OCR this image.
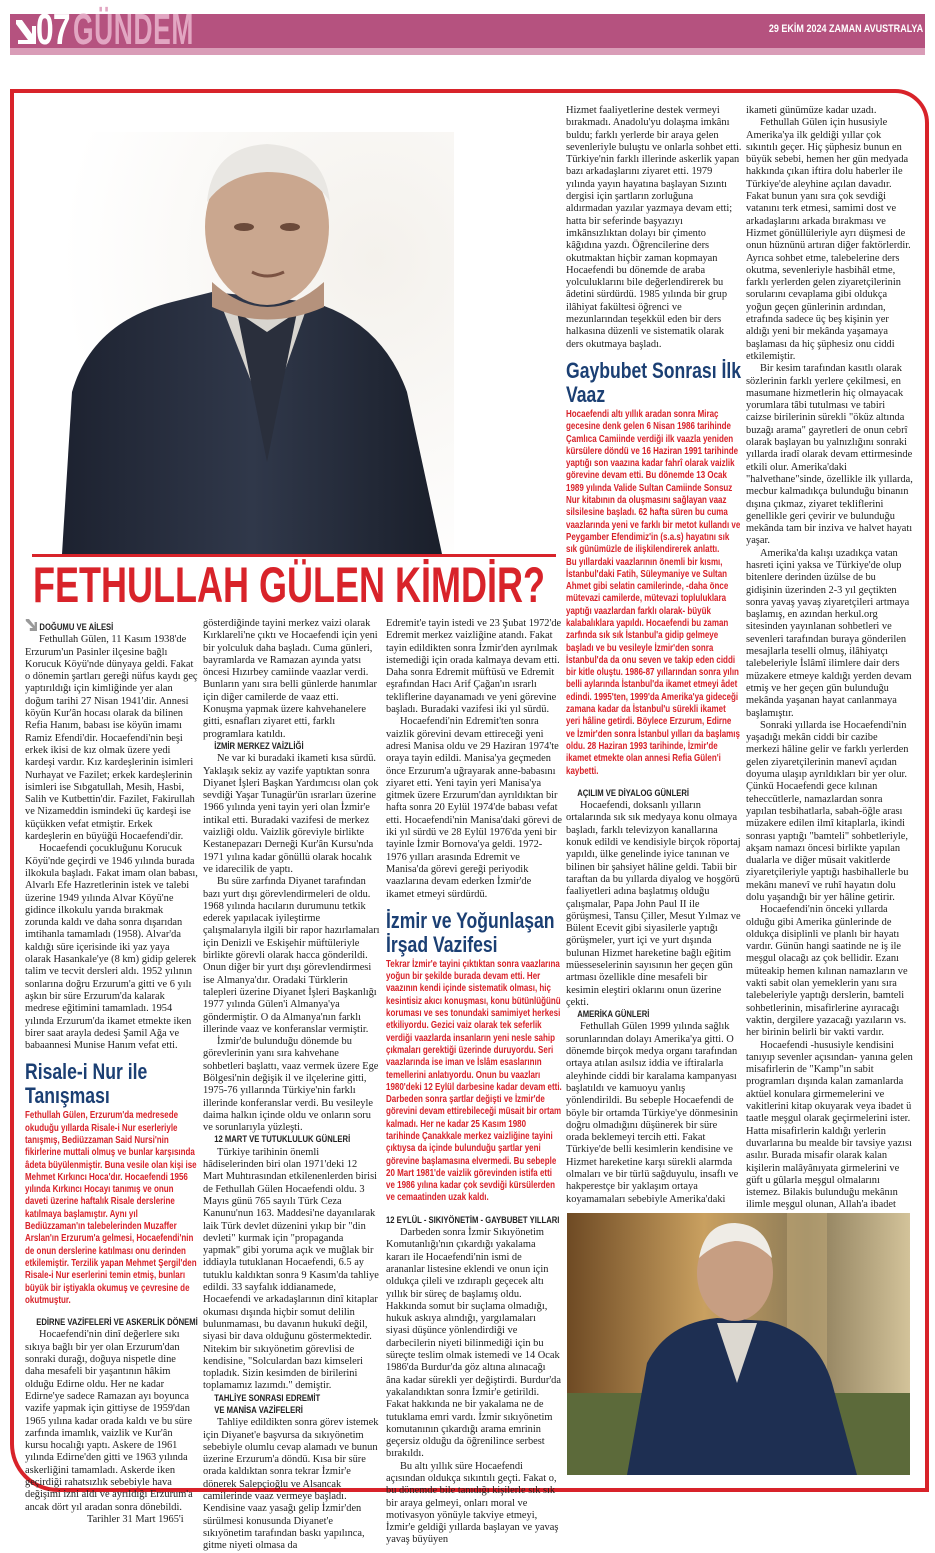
07 GÜNDEM	29 EKİM 2024 ZAMAN AVUSTRALYA
FETHULLAH GÜLEN KİMDİR?
DOĞUMU VE AİLESİ

Fethullah Gülen, 11 Kasım 1938'de Erzurum'un Pasinler ilçesine bağlı Korucuk Köyü'nde dünyaya geldi. Fakat o dönemin şartları gereği nüfus kaydı geç yaptırıldığı için kimliğinde yer alan doğum tarihi 27 Nisan 1941'dir. Annesi köyün Kur'ân hocası olarak da bilinen Refia Hanım, babası ise köyün imamı Ramiz Efendi'dir. Hocaefendi'nin beşi erkek ikisi de kız olmak üzere yedi kardeşi vardır. Kız kardeşlerinin isimleri Nurhayat ve Fazilet; erkek kardeşlerinin isimleri ise Sıbgatullah, Mesih, Hasbi, Salih ve Kutbettin'dir. Fazilet, Fakirullah ve Nizameddin ismindeki üç kardeşi ise küçükken vefat etmiştir. Erkek kardeşlerin en büyüğü Hocaefendi'dir.

Hocaefendi çocukluğunu Korucuk Köyü'nde geçirdi ve 1946 yılında burada ilkokula başladı. Fakat imam olan babası, Alvarlı Efe Hazretlerinin istek ve talebi üzerine 1949 yılında Alvar Köyü'ne gidince ilkokulu yarıda bırakmak zorunda kaldı ve daha sonra dışarıdan imtihanla tamamladı (1958). Alvar'da kaldığı süre içerisinde iki yaz yaya olarak Hasankale'ye (8 km) gidip gelerek talim ve tecvit dersleri aldı. 1952 yılının sonlarına doğru Erzurum'a gitti ve 6 yılı aşkın bir süre Erzurum'da kalarak medrese eğitimini tamamladı. 1954 yılında Erzurum'da ikamet etmekte iken birer saat arayla dedesi Şamil Ağa ve babaannesi Munise Hanım vefat etti.

Risale-i Nur ile Tanışması
Fethullah Gülen, Erzurum'da medresede okuduğu yıllarda Risale-i Nur eserleriyle tanışmış, Bediüzzaman Said Nursi'nin fikirlerine muttali olmuş ve bunlar karşısında âdeta büyülenmiştir. Buna vesile olan kişi ise Mehmet Kırkıncı Hoca'dır. Hocaefendi 1956 yılında Kırkıncı Hocayı tanımış ve onun daveti üzerine haftalık Risale derslerine katılmaya başlamıştır. Aynı yıl Bediüzzaman'ın talebelerinden Muzaffer Arslan'ın Erzurum'a gelmesi, Hocaefendi'nin de onun derslerine katılması onu derinden etkilemiştir. Terzilik yapan Mehmet Şergil'den Risale-i Nur eserlerini temin etmiş, bunları büyük bir iştiyakla okumuş ve çevresine de okutmuştur.
EDİRNE VAZİFELERİ VE ASKERLİK DÖNEMİ

Hocaefendi'nin dinî değerlere sıkı sıkıya bağlı bir yer olan Erzurum'dan sonraki durağı, doğuya nispetle dine daha mesafeli bir yaşantının hâkim olduğu Edirne oldu. Her ne kadar Edirne'ye sadece Ramazan ayı boyunca vazife yapmak için gittiyse de 1959'dan 1965 yılına kadar orada kaldı ve bu süre zarfında imamlık, vaizlik ve Kur'ân kursu hocalığı yaptı. Askere de 1961 yılında Edirne'den gitti ve 1963 yılında askerliğini tamamladı. Askerde iken geçirdiği rahatsızlık sebebiyle hava değişimi izni aldı ve ayrıldığı Erzurum'a ancak dört yıl aradan sonra dönebildi.

Tarihler 31 Mart 1965'i

gösterdiğinde tayini merkez vaizi olarak Kırklareli'ne çıktı ve Hocaefendi için yeni bir yolculuk daha başladı. Cuma günleri, bayramlarda ve Ramazan ayında yatsı öncesi Hızırbey camiinde vaazlar verdi. Bunların yanı sıra belli günlerde hanımlar için diğer camilerde de vaaz etti. Konuşma yapmak üzere kahvehanelere gitti, esnafları ziyaret etti, farklı programlara katıldı.

İZMİR MERKEZ VAİZLİĞİ

Ne var ki buradaki ikameti kısa sürdü. Yaklaşık sekiz ay vazife yaptıktan sonra Diyanet İşleri Başkan Yardımcısı olan çok sevdiği Yaşar Tunagür'ün ısrarları üzerine 1966 yılında yeni tayin yeri olan İzmir'e intikal etti. Buradaki vazifesi de merkez vaizliği oldu. Vaizlik göreviyle birlikte Kestanepazarı Derneği Kur'ân Kursu'nda 1971 yılına kadar gönüllü olarak hocalık ve idarecilik de yaptı.

Bu süre zarfında Diyanet tarafından bazı yurt dışı görevlendirmeleri de oldu. 1968 yılında hacıların durumunu tetkik ederek yapılacak iyileştirme çalışmalarıyla ilgili bir rapor hazırlamaları için Denizli ve Eskişehir müftüleriyle birlikte görevli olarak hacca gönderildi. Onun diğer bir yurt dışı görevlendirmesi ise Almanya'dır. Oradaki Türklerin talepleri üzerine Diyanet İşleri Başkanlığı 1977 yılında Gülen'i Almanya'ya göndermiştir. O da Almanya'nın farklı illerinde vaaz ve konferanslar vermiştir.

İzmir'de bulunduğu dönemde bu görevlerinin yanı sıra kahvehane sohbetleri başlattı, vaaz vermek üzere Ege Bölgesi'nin değişik il ve ilçelerine gitti, 1975-76 yıllarında Türkiye'nin farklı illerinde konferanslar verdi. Bu vesileyle daima halkın içinde oldu ve onların soru ve sorunlarıyla yüzleşti.

12 MART VE TUTUKLULUK GÜNLERİ

Türkiye tarihinin önemli hâdiselerinden biri olan 1971'deki 12 Mart Muhtırasından etkilenenlerden birisi de Fethullah Gülen Hocaefendi oldu. 3 Mayıs günü 765 sayılı Türk Ceza Kanunu'nun 163. Maddesi'ne dayanılarak laik Türk devlet düzenini yıkıp bir "din devleti" kurmak için "propaganda yapmak" gibi yoruma açık ve muğlak bir iddiayla tutuklanan Hocaefendi, 6.5 ay tutuklu kaldıktan sonra 9 Kasım'da tahliye edildi. 33 sayfalık iddianamede, Hocaefendi ve arkadaşlarının dinî kitaplar okuması dışında hiçbir somut delilin bulunmaması, bu davanın hukukî değil, siyasi bir dava olduğunu göstermektedir. Nitekim bir sıkıyönetim görevlisi de kendisine, "Solculardan bazı kimseleri topladık. Sizin kesimden de birilerini toplamamız lazımdı." demiştir.

TAHLİYE SONRASI EDREMİT
VE MANİSA VAZİFELERİ

Tahliye edildikten sonra görev istemek için Diyanet'e başvursa da sıkıyönetim sebebiyle olumlu cevap alamadı ve bunun üzerine Erzurum'a döndü. Kısa bir süre orada kaldıktan sonra tekrar İzmir'e dönerek Salepçioğlu ve Alsancak camilerinde vaaz vermeye başladı. Kendisine vaaz yasağı gelip İzmir'den sürülmesi konusunda Diyanet'e sıkıyönetim tarafından baskı yapılınca, gitme niyeti olmasa da

Edremit'e tayin istedi ve 23 Şubat 1972'de Edremit merkez vaizliğine atandı. Fakat tayin edildikten sonra İzmir'den ayrılmak istemediği için orada kalmaya devam etti. Daha sonra Edremit müftüsü ve Edremit eşrafından Hacı Arif Çağan'ın ısrarlı tekliflerine dayanamadı ve yeni görevine başladı. Buradaki vazifesi iki yıl sürdü.

Hocaefendi'nin Edremit'ten sonra vaizlik görevini devam ettireceği yeni adresi Manisa oldu ve 29 Haziran 1974'te oraya tayin edildi. Manisa'ya geçmeden önce Erzurum'a uğrayarak anne-babasını ziyaret etti. Yeni tayin yeri Manisa'ya gitmek üzere Erzurum'dan ayrıldıktan bir hafta sonra 20 Eylül 1974'de babası vefat etti. Hocaefendi'nin Manisa'daki görevi de iki yıl sürdü ve 28 Eylül 1976'da yeni bir tayinle İzmir Bornova'ya geldi. 1972-1976 yılları arasında Edremit ve Manisa'da görevi gereği periyodik vaazlarına devam ederken İzmir'de ikamet etmeyi sürdürdü.

İzmir ve Yoğunlaşan İrşad Vazifesi
Tekrar İzmir'e tayini çıktıktan sonra vaazlarına yoğun bir şekilde burada devam etti. Her vaazının kendi içinde sistematik olması, hiç kesintisiz akıcı konuşması, konu bütünlüğünü koruması ve ses tonundaki samimiyet herkesi etkiliyordu. Gezici vaiz olarak tek seferlik verdiği vaazlarda insanların yeni nesle sahip çıkmaları gerektiği üzerinde duruyordu. Seri vaazlarında ise iman ve İslâm esaslarının temellerini anlatıyordu. Onun bu vaazları 1980'deki 12 Eylül darbesine kadar devam etti. Darbeden sonra şartlar değişti ve İzmir'de görevini devam ettirebileceği müsait bir ortam kalmadı. Her ne kadar 25 Kasım 1980 tarihinde Çanakkale merkez vaizliğine tayini çıktıysa da içinde bulunduğu şartlar yeni görevine başlamasına elvermedi. Bu sebeple 20 Mart 1981'de vaizlik görevinden istifa etti ve 1986 yılına kadar çok sevdiği kürsülerden ve cemaatinden uzak kaldı.
12 EYLÜL - SIKIYÖNETİM - GAYBUBET YILLARI

Darbeden sonra İzmir Sıkıyönetim Komutanlığı'nın çıkardığı yakalama kararı ile Hocaefendi'nin ismi de arananlar listesine eklendi ve onun için oldukça çileli ve ızdıraplı geçecek altı yıllık bir süreç de başlamış oldu. Hakkında somut bir suçlama olmadığı, hukuk askıya alındığı, yargılamaları siyasi düşünce yönlendirdiği ve darbecilerin niyeti bilinmediği için bu süreçte teslim olmak istemedi ve 14 Ocak 1986'da Burdur'da göz altına alınacağı âna kadar sürekli yer değiştirdi. Burdur'da yakalandıktan sonra İzmir'e getirildi. Fakat hakkında ne bir yakalama ne de tutuklama emri vardı. İzmir sıkıyönetim komutanının çıkardığı arama emrinin geçersiz olduğu da öğrenilince serbest bırakıldı.

Bu altı yıllık süre Hocaefendi açısından oldukça sıkıntılı geçti. Fakat o, bu dönemde bile tanıdığı kişilerle sık sık bir araya gelmeyi, onları moral ve motivasyon yönüyle takviye etmeyi, İzmir'e geldiği yıllarda başlayan ve yavaş yavaş büyüyen

Hizmet faaliyetlerine destek vermeyi bırakmadı. Anadolu'yu dolaşma imkânı buldu; farklı yerlerde bir araya gelen sevenleriyle buluştu ve onlarla sohbet etti. Türkiye'nin farklı illerinde askerlik yapan bazı arkadaşlarını ziyaret etti. 1979 yılında yayın hayatına başlayan Sızıntı dergisi için şartların zorluğuna aldırmadan yazılar yazmaya devam etti; hatta bir seferinde başyazıyı imkânsızlıktan dolayı bir çimento kâğıdına yazdı. Öğrencilerine ders okutmaktan hiçbir zaman kopmayan Hocaefendi bu dönemde de araba yolculuklarını bile değerlendirerek bu âdetini sürdürdü. 1985 yılında bir grup ilâhiyat fakültesi öğrenci ve mezunlarından teşekkül eden bir ders halkasına düzenli ve sistematik olarak ders okutmaya başladı.

Gaybubet Sonrası İlk Vaaz
Hocaefendi altı yıllık aradan sonra Miraç gecesine denk gelen 6 Nisan 1986 tarihinde Çamlıca Camiinde verdiği ilk vaazla yeniden kürsülere döndü ve 16 Haziran 1991 tarihinde yaptığı son vaazına kadar fahrî olarak vaizlik görevine devam etti. Bu dönemde 13 Ocak 1989 yılında Valide Sultan Camiinde Sonsuz Nur kitabının da oluşmasını sağlayan vaaz silsilesine başladı. 62 hafta süren bu cuma vaazlarında yeni ve farklı bir metot kullandı ve Peygamber Efendimiz'in (s.a.s) hayatını sık sık günümüzle de ilişkilendirerek anlattı.
Bu yıllardaki vaazlarının önemli bir kısmı, İstanbul'daki Fatih, Süleymaniye ve Sultan Ahmet gibi selatin camilerinde, -daha önce mütevazi camilerde, mütevazi topluluklara yaptığı vaazlardan farklı olarak- büyük kalabalıklara yapıldı. Hocaefendi bu zaman zarfında sık sık İstanbul'a gidip gelmeye başladı ve bu vesileyle İzmir'den sonra İstanbul'da da onu seven ve takip eden ciddi bir kitle oluştu. 1986-87 yıllarından sonra yılın belli aylarında İstanbul'da ikamet etmeyi âdet edindi. 1995'ten, 1999'da Amerika'ya gideceği zamana kadar da İstanbul'u sürekli ikamet yeri hâline getirdi. Böylece Erzurum, Edirne ve İzmir'den sonra İstanbul yılları da başlamış oldu. 28 Haziran 1993 tarihinde, İzmir'de ikamet etmekte olan annesi Refia Gülen'i kaybetti.
AÇILIM VE DİYALOG GÜNLERİ

Hocaefendi, doksanlı yılların ortalarında sık sık medyaya konu olmaya başladı, farklı televizyon kanallarına konuk edildi ve kendisiyle birçok röportaj yapıldı, ülke genelinde iyice tanınan ve bilinen bir şahsiyet hâline geldi. Tabii bir taraftan da bu yıllarda diyalog ve hoşgörü faaliyetleri adına başlatmış olduğu çalışmalar, Papa John Paul II ile görüşmesi, Tansu Çiller, Mesut Yılmaz ve Bülent Ecevit gibi siyasilerle yaptığı görüşmeler, yurt içi ve yurt dışında bulunan Hizmet hareketine bağlı eğitim müesseselerinin sayısının her geçen gün artması özellikle dine mesafeli bir kesimin eleştiri oklarını onun üzerine çekti.

AMERİKA GÜNLERİ

Fethullah Gülen 1999 yılında sağlık sorunlarından dolayı Amerika'ya gitti. O dönemde birçok medya organı tarafından ortaya atılan asılsız iddia ve iftiralarla aleyhinde ciddi bir karalama kampanyası başlatıldı ve kamuoyu yanlış yönlendirildi. Bu sebeple Hocaefendi de böyle bir ortamda Türkiye'ye dönmesinin doğru olmadığını düşünerek bir süre orada beklemeyi tercih etti. Fakat Türkiye'de belli kesimlerin kendisine ve Hizmet hareketine karşı sürekli alarmda olmaları ve bir türlü sağduyulu, insaflı ve hakperestçe bir yaklaşım ortaya koyamamaları sebebiyle Amerika'daki

ikameti günümüze kadar uzadı.

Fethullah Gülen için hususiyle Amerika'ya ilk geldiği yıllar çok sıkıntılı geçer. Hiç şüphesiz bunun en büyük sebebi, hemen her gün medyada hakkında çıkan iftira dolu haberler ile Türkiye'de aleyhine açılan davadır. Fakat bunun yanı sıra çok sevdiği vatanını terk etmesi, samimi dost ve arkadaşlarını arkada bırakması ve Hizmet gönüllüleriyle ayrı düşmesi de onun hüznünü artıran diğer faktörlerdir. Ayrıca sohbet etme, talebelerine ders okutma, sevenleriyle hasbihâl etme, farklı yerlerden gelen ziyaretçilerinin sorularını cevaplama gibi oldukça yoğun geçen günlerinin ardından, etrafında sadece üç beş kişinin yer aldığı yeni bir mekânda yaşamaya başlaması da hiç şüphesiz onu ciddi etkilemiştir.

Bir kesim tarafından kasıtlı olarak sözlerinin farklı yerlere çekilmesi, en masumane hizmetlerin hiç olmayacak yorumlara tâbi tutulması ve tabiri caizse birilerinin sürekli "öküz altında buzağı arama" gayretleri de onun cebrî olarak başlayan bu yalnızlığını sonraki yıllarda iradî olarak devam ettirmesinde etkili olur. Amerika'daki "halvethane"sinde, özellikle ilk yıllarda, mecbur kalmadıkça bulunduğu binanın dışına çıkmaz, ziyaret tekliflerini genellikle geri çevirir ve bulunduğu mekânda tam bir inziva ve halvet hayatı yaşar.

Amerika'da kalışı uzadıkça vatan hasreti içini yaksa ve Türkiye'de olup bitenlere derinden üzülse de bu gidişinin üzerinden 2-3 yıl geçtikten sonra yavaş yavaş ziyaretçileri artmaya başlamış, en azından herkul.org sitesinden yayınlanan sohbetleri ve sevenleri tarafından buraya gönderilen mesajlarla teselli olmuş, ilâhiyatçı talebeleriyle İslâmî ilimlere dair ders müzakere etmeye kaldığı yerden devam etmiş ve her geçen gün bulunduğu mekânda yaşanan hayat canlanmaya başlamıştır.

Sonraki yıllarda ise Hocaefendi'nin yaşadığı mekân ciddi bir cazibe merkezi hâline gelir ve farklı yerlerden gelen ziyaretçilerinin manevî açıdan doyuma ulaşıp ayrıldıkları bir yer olur. Çünkü Hocaefendi gece kılınan teheccütlerle, namazlardan sonra yapılan tesbihatlarla, sabah-öğle arası müzakere edilen ilmî kitaplarla, ikindi sonrası yaptığı "bamteli" sohbetleriyle, akşam namazı öncesi birlikte yapılan dualarla ve diğer müsait vakitlerde ziyaretçileriyle yaptığı hasbihallerle bu mekânı manevî ve ruhî hayatın dolu dolu yaşandığı bir yer hâline getirir.

Hocaefendi'nin önceki yıllarda olduğu gibi Amerika günlerinde de oldukça disiplinli ve planlı bir hayatı vardır. Günün hangi saatinde ne iş ile meşgul olacağı az çok bellidir. Ezanı müteakip hemen kılınan namazların ve vakti sabit olan yemeklerin yanı sıra talebeleriyle yaptığı derslerin, bamteli sohbetlerinin, misafirlerine ayıracağı vaktin, dergilere yazacağı yazıların vs. her birinin belirli bir vakti vardır.

Hocaefendi -hususiyle kendisini tanıyıp sevenler açısından- yanına gelen misafirlerin de "Kamp"ın sabit programları dışında kalan zamanlarda aktüel konulara girmemelerini ve vakitlerini kitap okuyarak veya ibadet ü taatle meşgul olarak geçirmelerini ister. Hatta misafirlerin kaldığı yerlerin duvarlarına bu mealde bir tavsiye yazısı asılır. Burada misafir olarak kalan kişilerin malâyânıyata girmelerini ve güft u gûlarla meşgul olmalarını istemez. Bilakis bulunduğu mekânın ilimle meşgul olunan, Allah'a ibadet
